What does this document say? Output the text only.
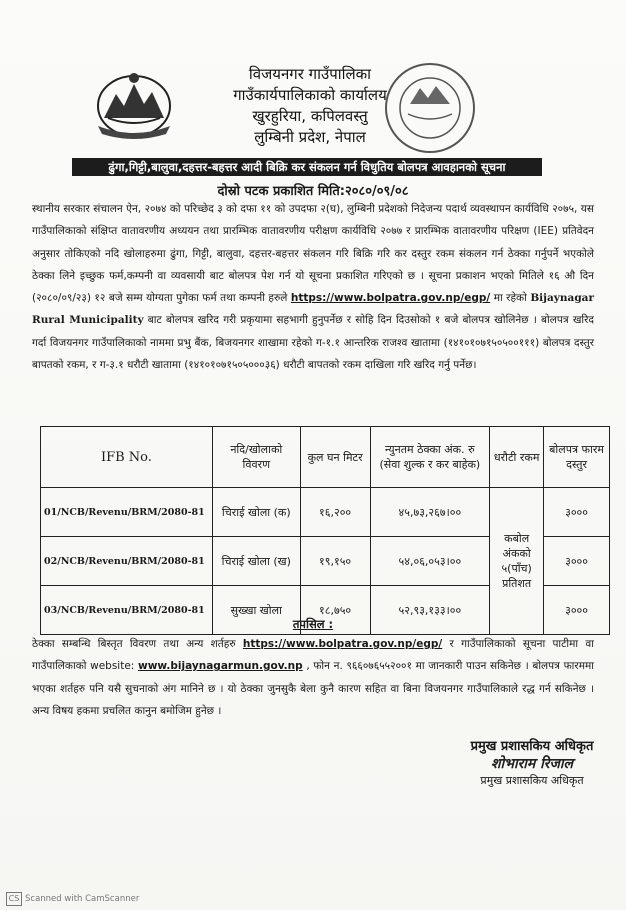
विजयनगर गाउँपालिका
गाउँकार्यपालिकाको कार्यालय
खुरहुरिया, कपिलवस्तु
लुम्बिनी प्रदेश, नेपाल
ढुंगा,गिट्टी,बालुवा,दहत्तर-बहत्तर आदी बिक्रि कर संकलन गर्न विधुतिय बोलपत्र आवहानको सूचना
दोस्रो पटक प्रकाशित मिति:२०८०/०९/०८
स्थानीय सरकार संचालन ऐन, २०७४ को परिच्छेद ३ को दफा ११ को उपदफा २(घ), लुम्बिनी प्रदेशको निदेजन्य पदार्थ व्यवस्थापन कार्यविधि २०७५, यस गाउँपालिकाको संक्षिप्त वातावरणीय अध्ययन तथा प्रारम्भिक वातावरणीय परीक्षण कार्यविधि २०७७ र प्रारम्भिक वातावरणीय परिक्षण (IEE) प्रतिवेदन अनुसार तोकिएको नदि खोलाहरुमा ढुंगा, गिट्टी, बालुवा, दहत्तर-बहत्तर संकलन गरि बिक्रि गरि कर दस्तुर रकम संकलन गर्न ठेक्का गर्नुपर्ने भएकोले ठेक्का लिने इच्छुक फर्म,कम्पनी वा व्यवसायी बाट बोलपत्र पेश गर्न यो सूचना प्रकाशित गरिएको छ । सूचना प्रकाशन भएको मितिले १६ औ दिन (२०८०/०९/२३) १२ बजे सम्म योग्यता पुगेका फर्म तथा कम्पनी हरुले https://www.bolpatra.gov.np/egp/ मा रहेको Bijaynagar Rural Municipality बाट बोलपत्र खरिद गरी प्रकृयामा सहभागी हुनुपर्नेछ र सोहि दिन दिउसोको १ बजे बोलपत्र खोलिनेछ । बोलपत्र खरिद गर्दा विजयनगर गाउँपालिकाको नाममा प्रभु बैंक, बिजयनगर शाखामा रहेको ग-१.१ आन्तरिक राजश्व खातामा (१४१०१०७१५०५००१११) बोलपत्र दस्तुर बापतको रकम, र ग-३.१ धरौटी खातामा (१४१०१०७१५०५०००३६) धरौटी बापतको रकम दाखिला गरि खरिद गर्नु पर्नेछ।
IFB No.	नदि/खोलाको विवरण	कुल घन मिटर	न्युनतम ठेक्का अंक. रु (सेवा शुल्क र कर बाहेक)	धरौटी रकम	बोलपत्र फारम दस्तुर
01/NCB/Revenu/BRM/2080-81	चिराई खोला (क)	१६,२००	४५,७३,२६७।००	कबोल अंकको ५(पाँच) प्रतिशत	३०००
02/NCB/Revenu/BRM/2080-81	चिराई खोला (ख)	१९,१५०	५४,०६,०५३।००		३०००
03/NCB/Revenu/BRM/2080-81	सुख्खा खोला	१८,७५०	५२,९३,१३३।००		३०००
तपसिल :
ठेक्का सम्बन्धि बिस्तृत विवरण तथा अन्य शर्तहरु https://www.bolpatra.gov.np/egp/ र गाउँपालिकाको सूचना पाटीमा वा गाउँपालिकाको website: www.bijaynagarmun.gov.np , फोन न. ९६६०७६५५२००१ मा जानकारी पाउन सकिनेछ । बोलपत्र फारममा भएका शर्तहरु पनि यसै सुचनाको अंग मानिने छ । यो ठेक्का जुनसुकै बेला कुनै कारण सहित वा बिना विजयनगर गाउँपालिकाले रद्ध गर्न सकिनेछ । अन्य विषय हकमा प्रचलित कानुन बमोजिम हुनेछ ।
प्रमुख प्रशासकिय अधिकृत
शोभाराम रिजाल
प्रमुख प्रशासकिय अधिकृत
CS Scanned with CamScanner
